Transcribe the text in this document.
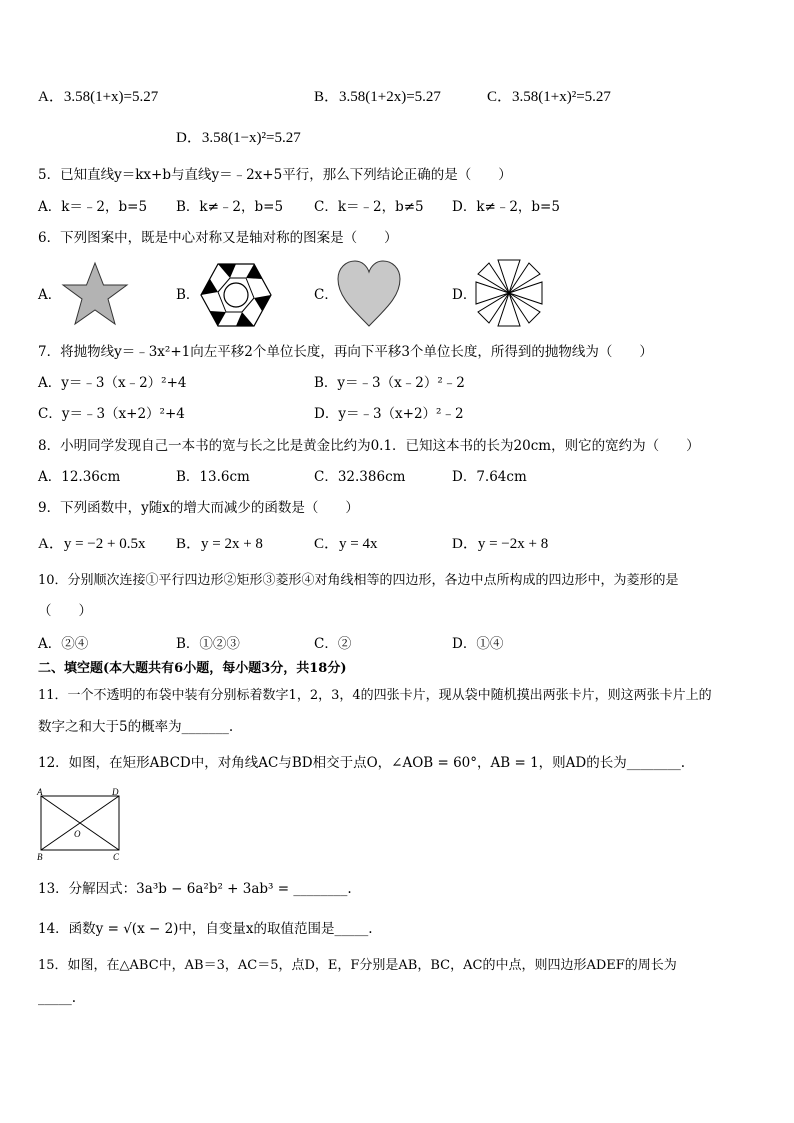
A．3.58(1+x)=5.27	B．3.58(1+2x)=5.27	C．3.58(1+x)²=5.27
D．3.58(1−x)²=5.27
5．已知直线y＝kx+b与直线y＝﹣2x+5平行，那么下列结论正确的是（　　）
A．k＝﹣2，b=5 B．k≠﹣2，b=5 C．k＝﹣2，b≠5 D．k≠﹣2，b=5
6．下列图案中，既是中心对称又是轴对称的图案是（　　）
A．	B．	C．	D．
7．将抛物线y＝﹣3x²+1向左平移2个单位长度，再向下平移3个单位长度，所得到的抛物线为（　　）
A．y＝﹣3（x﹣2）²+4	B．y＝﹣3（x﹣2）²﹣2
C．y＝﹣3（x+2）²+4	D．y＝﹣3（x+2）²﹣2
8．小明同学发现自己一本书的宽与长之比是黄金比约为0.1．已知这本书的长为20cm，则它的宽约为（　　）
A．12.36cm	B．13.6cm	C．32.386cm	D．7.64cm
9．下列函数中，y随x的增大而减少的函数是（　　）
A．y = −2 + 0.5x B．y = 2x + 8	C．y = 4x	D．y = −2x + 8
10．分别顺次连接①平行四边形②矩形③菱形④对角线相等的四边形，各边中点所构成的四边形中，为菱形的是
（　　）
A．②④	B．①②③	C．②	D．①④
二、填空题(本大题共有6小题，每小题3分，共18分)
11．一个不透明的布袋中装有分别标着数字1，2，3，4的四张卡片，现从袋中随机摸出两张卡片，则这两张卡片上的
数字之和大于5的概率为_______.
12．如图，在矩形ABCD中，对角线AC与BD相交于点O，∠AOB = 60°，AB = 1，则AD的长为________.
A	D
B	C
O
13．分解因式：3a³b − 6a²b² + 3ab³ = ________.
14．函数y = √(x − 2)中，自变量x的取值范围是_____.
15．如图，在△ABC中，AB＝3，AC＝5，点D，E，F分别是AB，BC，AC的中点，则四边形ADEF的周长为
_____.
